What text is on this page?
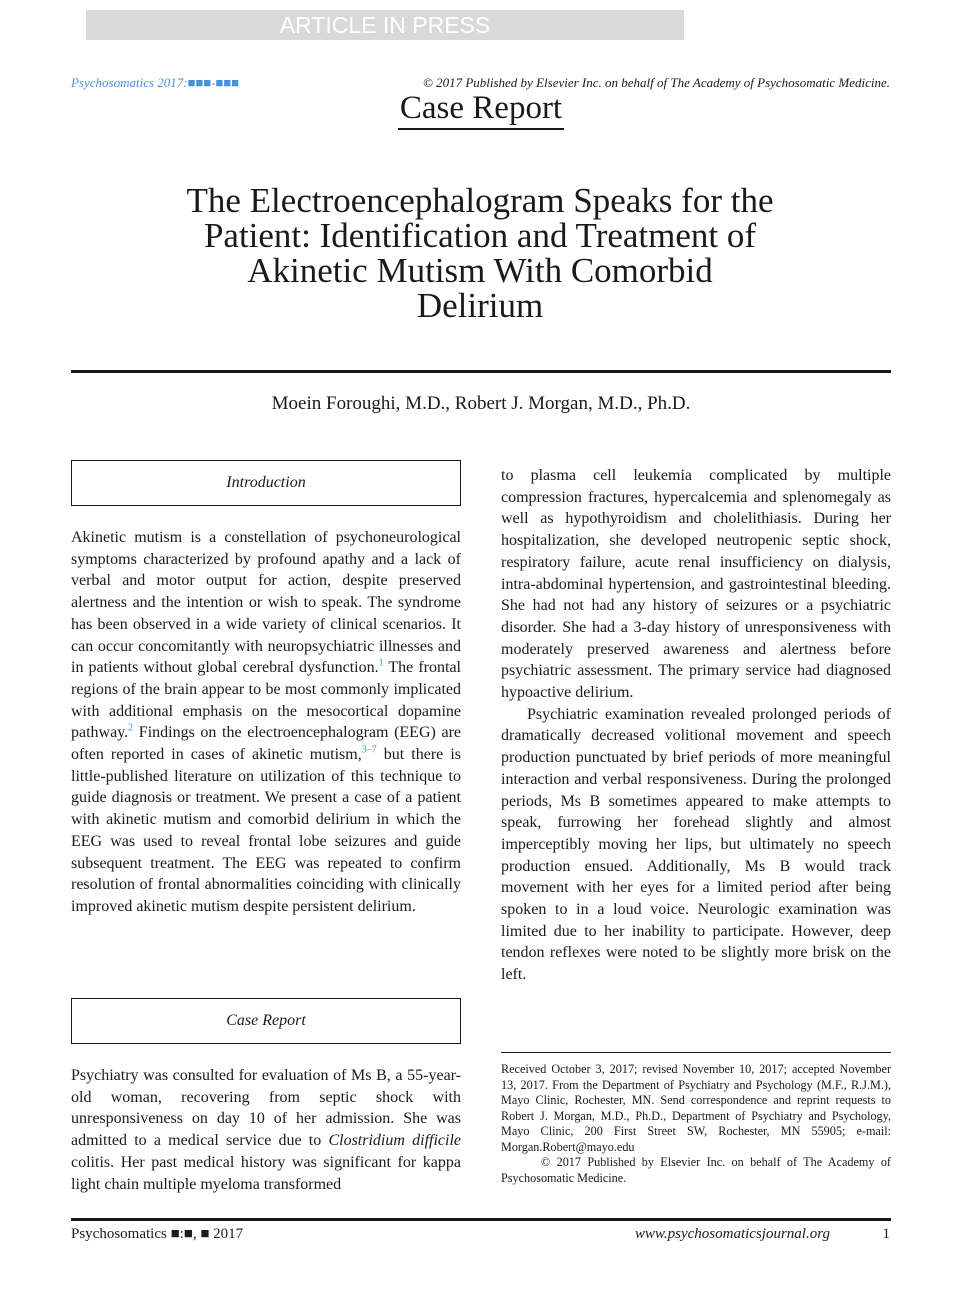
ARTICLE IN PRESS
Psychosomatics 2017:■■■-■■■	© 2017 Published by Elsevier Inc. on behalf of The Academy of Psychosomatic Medicine.
Case Report
The Electroencephalogram Speaks for the Patient: Identification and Treatment of Akinetic Mutism With Comorbid Delirium
Moein Foroughi, M.D., Robert J. Morgan, M.D., Ph.D.
Introduction

Akinetic mutism is a constellation of psychoneurological symptoms characterized by profound apathy and a lack of verbal and motor output for action, despite preserved alertness and the intention or wish to speak. The syndrome has been observed in a wide variety of clinical scenarios. It can occur concomitantly with neuropsychiatric illnesses and in patients without global cerebral dysfunction.$^1$ The frontal regions of the brain appear to be most commonly implicated with additional emphasis on the mesocortical dopamine pathway.$^2$ Findings on the electroencephalogram (EEG) are often reported in cases of akinetic mutism,$^{3-7}$ but there is little-published literature on utilization of this technique to guide diagnosis or treatment. We present a case of a patient with akinetic mutism and comorbid delirium in which the EEG was used to reveal frontal lobe seizures and guide subsequent treatment. The EEG was repeated to confirm resolution of frontal abnormalities coinciding with clinically improved akinetic mutism despite persistent delirium.

Case Report

Psychiatry was consulted for evaluation of Ms B, a 55-year-old woman, recovering from septic shock with unresponsiveness on day 10 of her admission. She was admitted to a medical service due to Clostridium difficile colitis. Her past medical history was significant for kappa light chain multiple myeloma transformed

to plasma cell leukemia complicated by multiple compression fractures, hypercalcemia and splenomegaly as well as hypothyroidism and cholelithiasis. During her hospitalization, she developed neutropenic septic shock, respiratory failure, acute renal insufficiency on dialysis, intra-abdominal hypertension, and gastrointestinal bleeding. She had not had any history of seizures or a psychiatric disorder. She had a 3-day history of unresponsiveness with moderately preserved awareness and alertness before psychiatric assessment. The primary service had diagnosed hypoactive delirium.

Psychiatric examination revealed prolonged periods of dramatically decreased volitional movement and speech production punctuated by brief periods of more meaningful interaction and verbal responsiveness. During the prolonged periods, Ms B sometimes appeared to make attempts to speak, furrowing her forehead slightly and almost imperceptibly moving her lips, but ultimately no speech production ensued. Additionally, Ms B would track movement with her eyes for a limited period after being spoken to in a loud voice. Neurologic examination was limited due to her inability to participate. However, deep tendon reflexes were noted to be slightly more brisk on the left.

Received October 3, 2017; revised November 10, 2017; accepted November 13, 2017. From the Department of Psychiatry and Psychology (M.F., R.J.M.), Mayo Clinic, Rochester, MN. Send correspondence and reprint requests to Robert J. Morgan, M.D., Ph.D., Department of Psychiatry and Psychology, Mayo Clinic, 200 First Street SW, Rochester, MN 55905; e-mail: Morgan.Robert@mayo.edu

© 2017 Published by Elsevier Inc. on behalf of The Academy of Psychosomatic Medicine.

Psychosomatics ■:■, ■ 2017	www.psychosomaticsjournal.org	1
